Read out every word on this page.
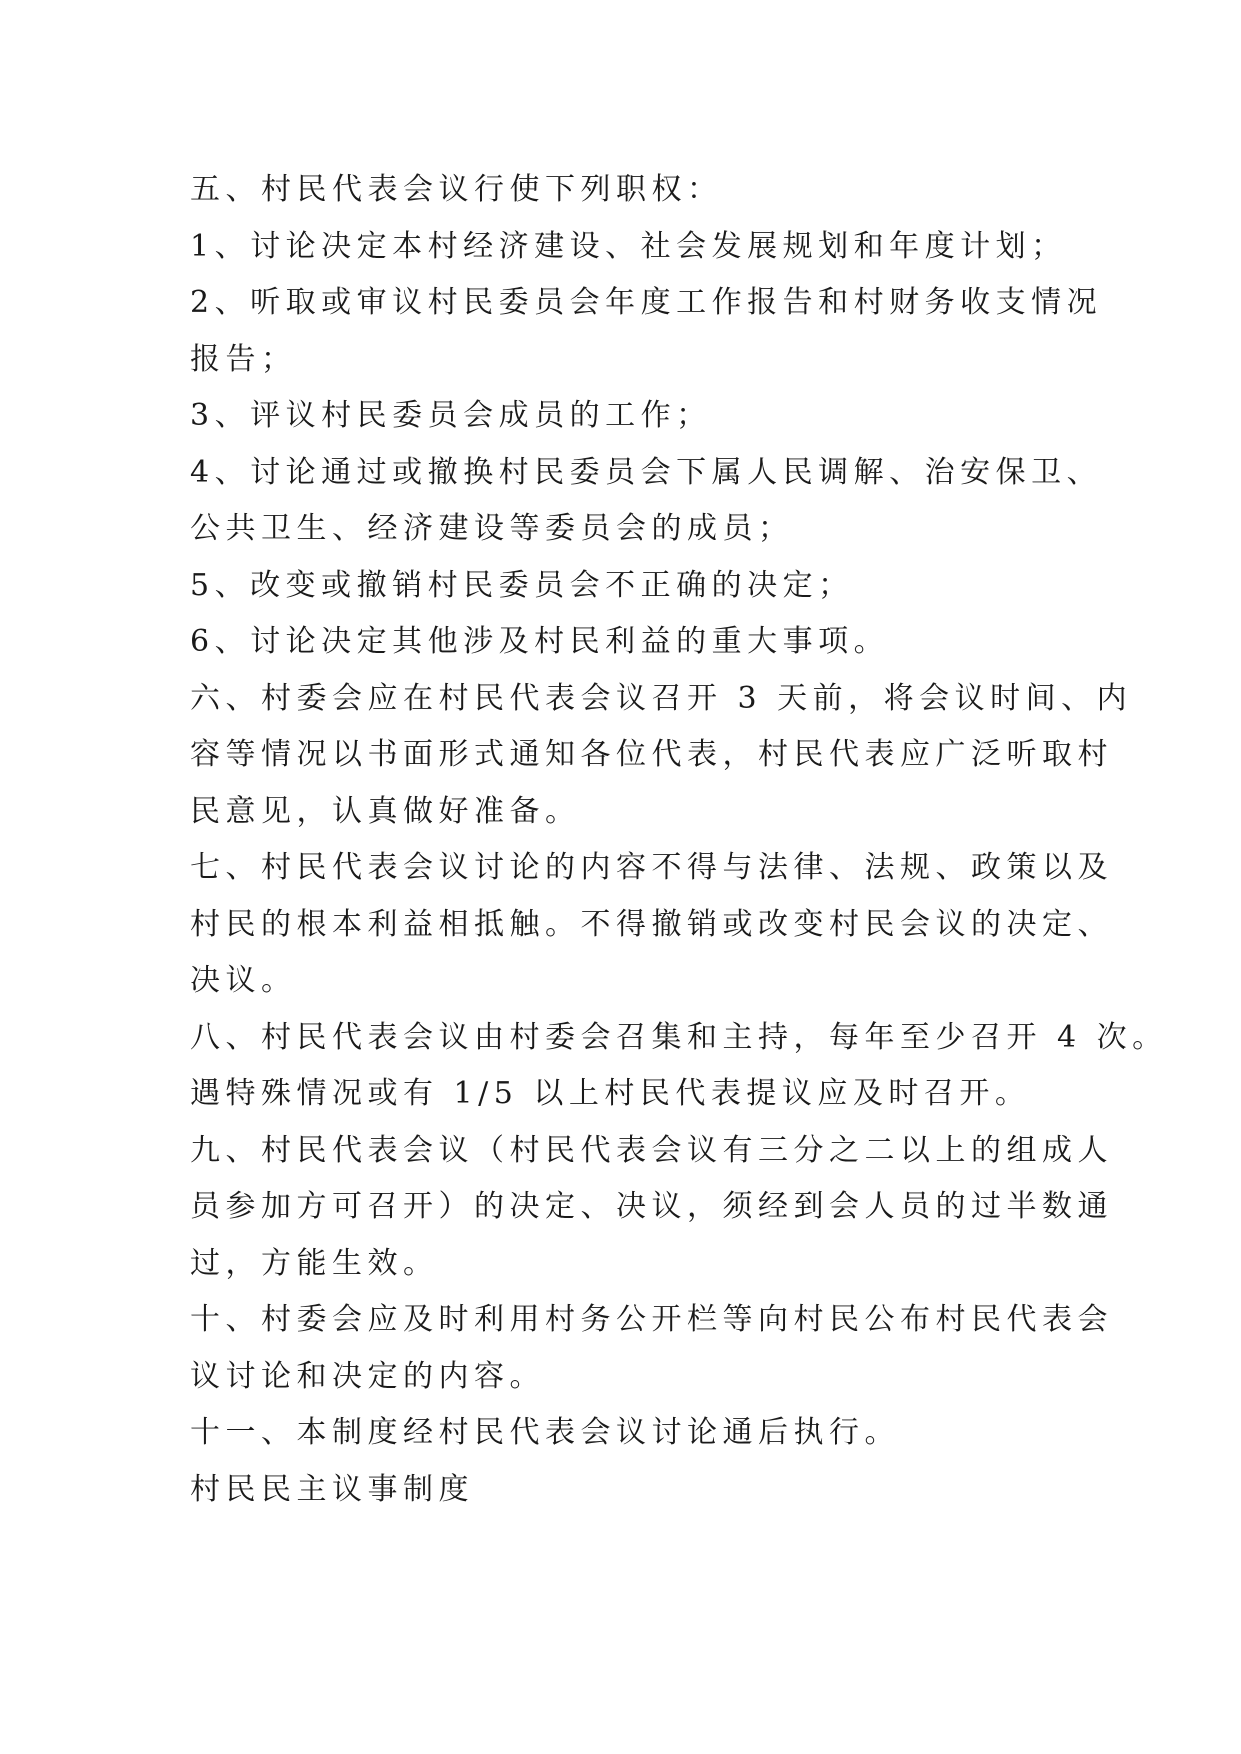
五、村民代表会议行使下列职权：
1、讨论决定本村经济建设、社会发展规划和年度计划；
2、听取或审议村民委员会年度工作报告和村财务收支情况
报告；
3、评议村民委员会成员的工作；
4、讨论通过或撤换村民委员会下属人民调解、治安保卫、
公共卫生、经济建设等委员会的成员；
5、改变或撤销村民委员会不正确的决定；
6、讨论决定其他涉及村民利益的重大事项。
六、村委会应在村民代表会议召开 3 天前，将会议时间、内
容等情况以书面形式通知各位代表，村民代表应广泛听取村
民意见，认真做好准备。
七、村民代表会议讨论的内容不得与法律、法规、政策以及
村民的根本利益相抵触。不得撤销或改变村民会议的决定、
决议。
八、村民代表会议由村委会召集和主持，每年至少召开 4 次。
遇特殊情况或有 1/5 以上村民代表提议应及时召开。
九、村民代表会议（村民代表会议有三分之二以上的组成人
员参加方可召开）的决定、决议，须经到会人员的过半数通
过，方能生效。
十、村委会应及时利用村务公开栏等向村民公布村民代表会
议讨论和决定的内容。
十一、本制度经村民代表会议讨论通后执行。
村民民主议事制度
